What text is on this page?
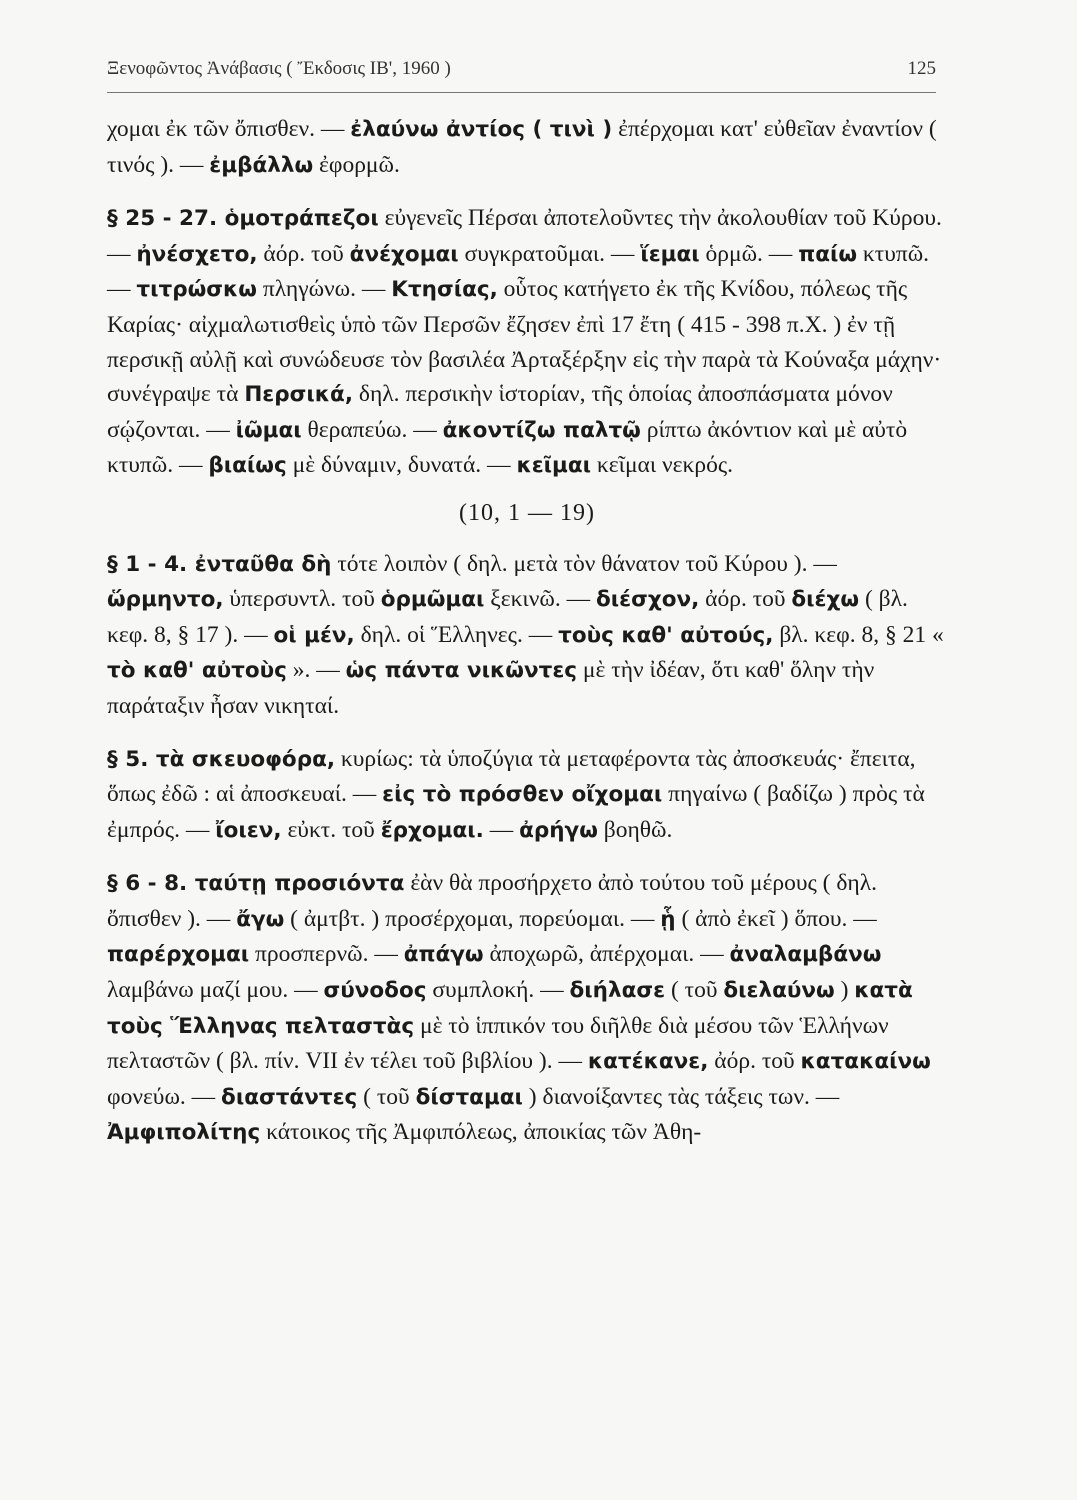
Ξενοφῶντος Ἀνάβασις ( Ἔκδοσις ΙΒ', 1960 )	125

χομαι ἐκ τῶν ὄπισθεν. — ἐλαύνω ἀντίος ( τινὶ ) ἐπέρχομαι κατ' εὐθεῖαν ἐναντίον ( τινός ). — ἐμβάλλω ἐφορμῶ.

§ 25 - 27. ὁμοτράπεζοι εὐγενεῖς Πέρσαι ἀποτελοῦντες τὴν ἀκολουθίαν τοῦ Κύρου. — ἠνέσχετο, ἀόρ. τοῦ ἀνέχομαι συγκρατοῦμαι. — ἵεμαι ὁρμῶ. — παίω κτυπῶ. — τιτρώσκω πληγώνω. — Κτησίας, οὗτος κατήγετο ἐκ τῆς Κνίδου, πόλεως τῆς Καρίας· αἰχμαλωτισθεὶς ὑπὸ τῶν Περσῶν ἔζησεν ἐπὶ 17 ἔτη ( 415 - 398 π.Χ. ) ἐν τῇ περσικῇ αὐλῇ καὶ συνώδευσε τὸν βασιλέα Ἀρταξέρξην εἰς τὴν παρὰ τὰ Κούναξα μάχην· συνέγραψε τὰ Περσικά, δηλ. περσικὴν ἱστορίαν, τῆς ὁποίας ἀποσπάσματα μόνον σῴζονται. — ἰῶμαι θεραπεύω. — ἀκοντίζω παλτῷ ρίπτω ἀκόντιον καὶ μὲ αὐτὸ κτυπῶ. — βιαίως μὲ δύναμιν, δυνατά. — κεῖμαι κεῖμαι νεκρός.

(10, 1 — 19)

§ 1 - 4. ἐνταῦθα δὴ τότε λοιπὸν ( δηλ. μετὰ τὸν θάνατον τοῦ Κύρου ). — ὥρμηντο, ὑπερσυντλ. τοῦ ὁρμῶμαι ξεκινῶ. — διέσχον, ἀόρ. τοῦ διέχω ( βλ. κεφ. 8, § 17 ). — οἱ μέν, δηλ. οἱ Ἕλληνες. — τοὺς καθ' αὐτούς, βλ. κεφ. 8, § 21 « τὸ καθ' αὐτοὺς ». — ὡς πάντα νικῶντες μὲ τὴν ἰδέαν, ὅτι καθ' ὅλην τὴν παράταξιν ἦσαν νικηταί.

§ 5. τὰ σκευοφόρα, κυρίως: τὰ ὑποζύγια τὰ μεταφέροντα τὰς ἀποσκευάς· ἔπειτα, ὅπως ἐδῶ : αἱ ἀποσκευαί. — εἰς τὸ πρόσθεν οἴχομαι πηγαίνω ( βαδίζω ) πρὸς τὰ ἐμπρός. — ἴοιεν, εὐκτ. τοῦ ἔρχομαι. — ἀρήγω βοηθῶ.

§ 6 - 8. ταύτῃ προσιόντα ἐὰν θὰ προσήρχετο ἀπὸ τούτου τοῦ μέρους ( δηλ. ὄπισθεν ). — ἄγω ( ἀμτβτ. ) προσέρχομαι, πορεύομαι. — ᾗ ( ἀπὸ ἐκεῖ ) ὅπου. — παρέρχομαι προσπερνῶ. — ἀπάγω ἀποχωρῶ, ἀπέρχομαι. — ἀναλαμβάνω λαμβάνω μαζί μου. — σύνοδος συμπλοκή. — διήλασε ( τοῦ διελαύνω ) κατὰ τοὺς Ἕλληνας πελταστὰς μὲ τὸ ἱππικόν του διῆλθε διὰ μέσου τῶν Ἑλλήνων πελταστῶν ( βλ. πίν. VII ἐν τέλει τοῦ βιβλίου ). — κατέκανε, ἀόρ. τοῦ κατακαίνω φονεύω. — διαστάντες ( τοῦ δίσταμαι ) διανοίξαντες τὰς τάξεις των. — Ἀμφιπολίτης κάτοικος τῆς Ἀμφιπόλεως, ἀποικίας τῶν Ἀθη-
